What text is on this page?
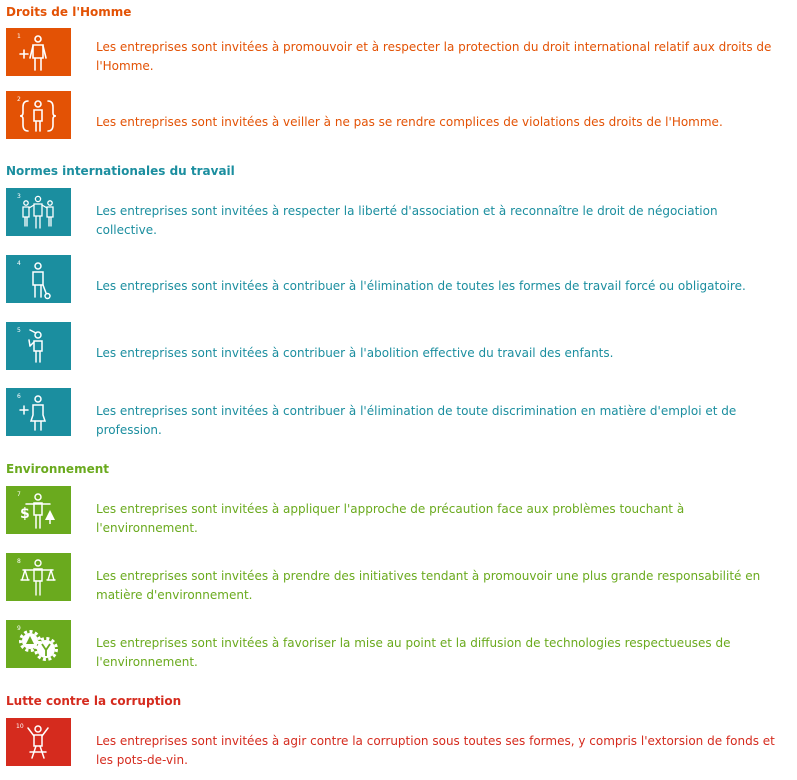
Droits de l'Homme
1
Les entreprises sont invitées à promouvoir et à respecter la protection du droit international relatif aux droits de l'Homme.
2
Les entreprises sont invitées à veiller à ne pas se rendre complices de violations des droits de l'Homme.
Normes internationales du travail
3
Les entreprises sont invitées à respecter la liberté d'association et à reconnaître le droit de négociation collective.
4
Les entreprises sont invitées à contribuer à l'élimination de toutes les formes de travail forcé ou obligatoire.
5
Les entreprises sont invitées à contribuer à l'abolition effective du travail des enfants.
6
Les entreprises sont invitées à contribuer à l'élimination de toute discrimination en matière d'emploi et de profession.
Environnement
7
$	Les entreprises sont invitées à appliquer l'approche de précaution face aux problèmes touchant à l'environnement.
8
Les entreprises sont invitées à prendre des initiatives tendant à promouvoir une plus grande responsabilité en matière d'environnement.
9
Les entreprises sont invitées à favoriser la mise au point et la diffusion de technologies respectueuses de l'environnement.
Lutte contre la corruption
10
Les entreprises sont invitées à agir contre la corruption sous toutes ses formes, y compris l'extorsion de fonds et les pots-de-vin.
